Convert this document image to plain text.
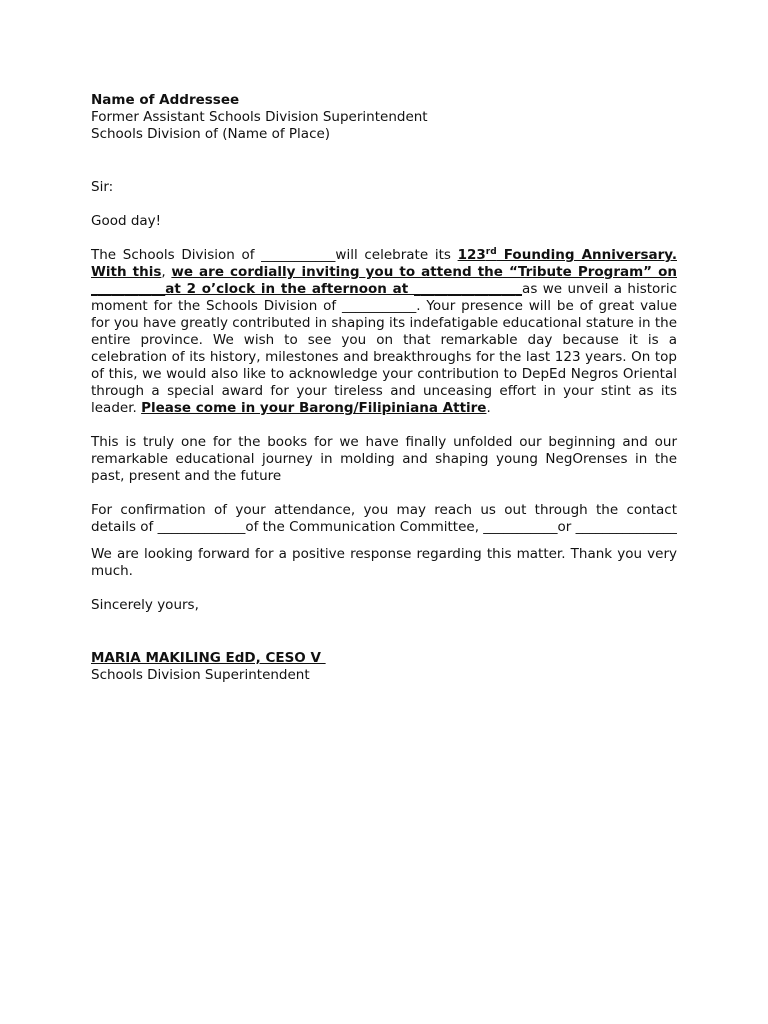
Name of Addressee
Former Assistant Schools Division Superintendent
Schools Division of (Name of Place)
Sir:
Good day!
The Schools Division of ___________will celebrate its 123rd Founding Anniversary. With this, we are cordially inviting you to attend the “Tribute Program” on ___________at 2 o’clock in the afternoon at ________________as we unveil a historic moment for the Schools Division of ___________. Your presence will be of great value for you have greatly contributed in shaping its indefatigable educational stature in the entire province. We wish to see you on that remarkable day because it is a celebration of its history, milestones and breakthroughs for the last 123 years. On top of this, we would also like to acknowledge your contribution to DepEd Negros Oriental through a special award for your tireless and unceasing effort in your stint as its leader. Please come in your Barong/Filipiniana Attire.
This is truly one for the books for we have finally unfolded our beginning and our remarkable educational journey in molding and shaping young NegOrenses in the past, present and the future
For confirmation of your attendance, you may reach us out through the contact details of _____________of the Communication Committee, ___________or _______________
We are looking forward for a positive response regarding this matter. Thank you very much.
Sincerely yours,
MARIA MAKILING EdD, CESO V
Schools Division Superintendent
